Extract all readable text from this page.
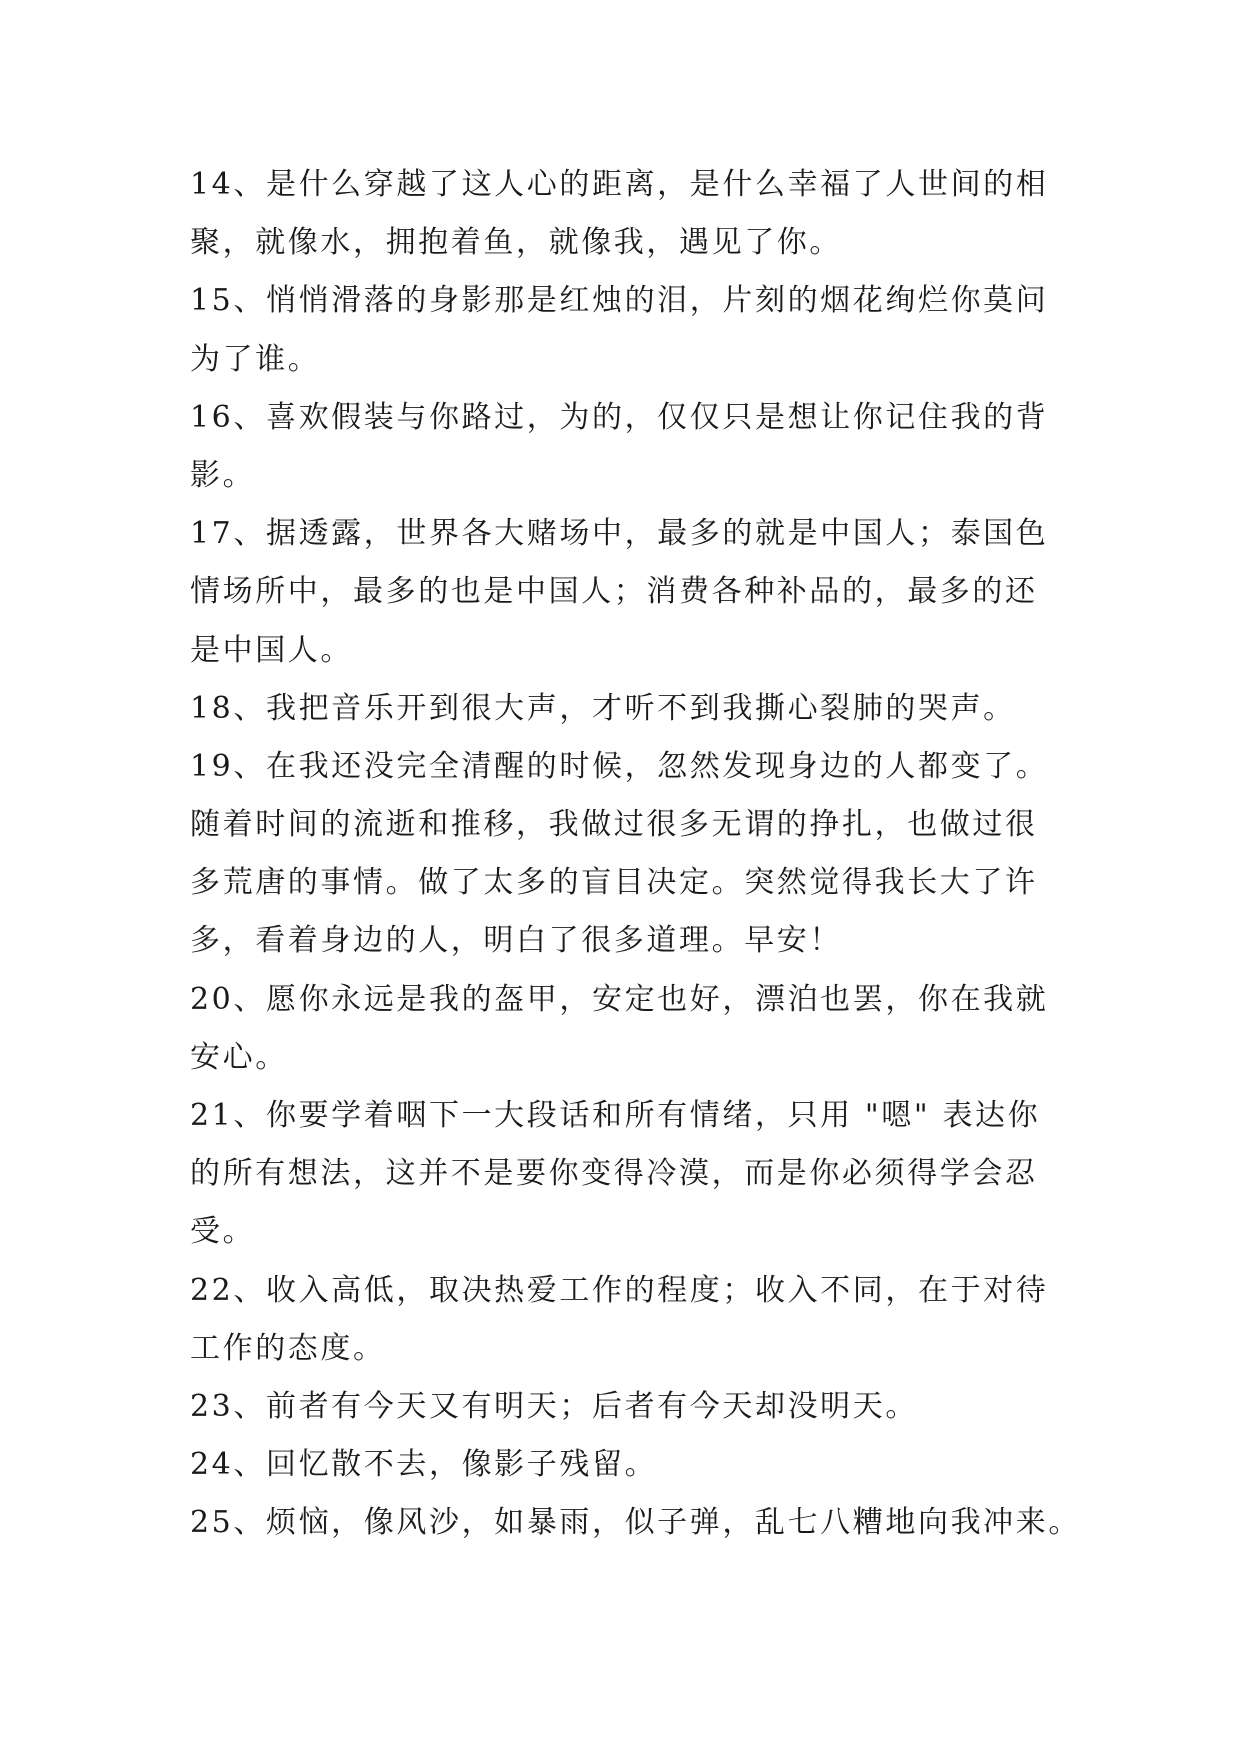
14、是什么穿越了这人心的距离，是什么幸福了人世间的相
聚，就像水，拥抱着鱼，就像我，遇见了你。
15、悄悄滑落的身影那是红烛的泪，片刻的烟花绚烂你莫问
为了谁。
16、喜欢假装与你路过，为的，仅仅只是想让你记住我的背
影。
17、据透露，世界各大赌场中，最多的就是中国人；泰国色
情场所中，最多的也是中国人；消费各种补品的，最多的还
是中国人。
18、我把音乐开到很大声，才听不到我撕心裂肺的哭声。
19、在我还没完全清醒的时候，忽然发现身边的人都变了。
随着时间的流逝和推移，我做过很多无谓的挣扎，也做过很
多荒唐的事情。做了太多的盲目决定。突然觉得我长大了许
多，看着身边的人，明白了很多道理。早安！
20、愿你永远是我的盔甲，安定也好，漂泊也罢，你在我就
安心。
21、你要学着咽下一大段话和所有情绪，只用 "嗯" 表达你
的所有想法，这并不是要你变得冷漠，而是你必须得学会忍
受。
22、收入高低，取决热爱工作的程度；收入不同，在于对待
工作的态度。
23、前者有今天又有明天；后者有今天却没明天。
24、回忆散不去，像影子残留。
25、烦恼，像风沙，如暴雨，似子弹，乱七八糟地向我冲来。
